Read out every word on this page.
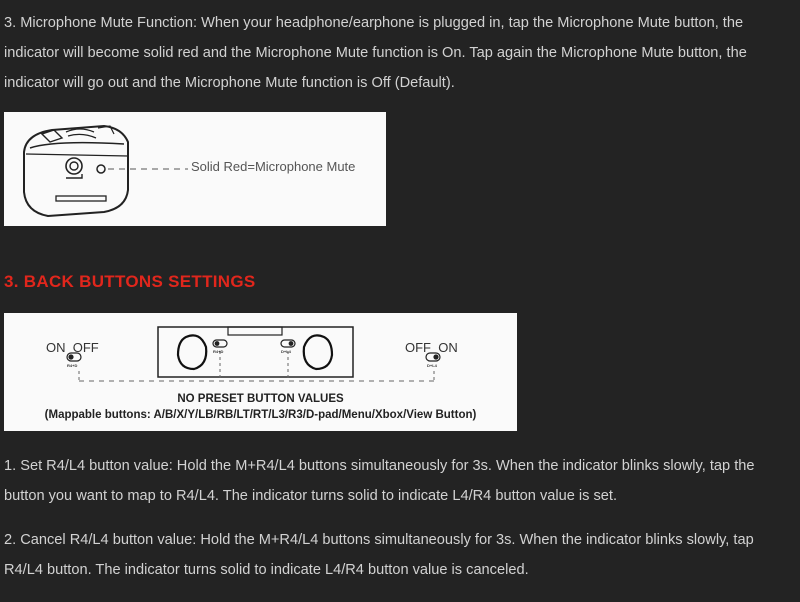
3. Microphone Mute Function: When your headphone/earphone is plugged in, tap the Microphone Mute button, the indicator will become solid red and the Microphone Mute function is On. Tap again the Microphone Mute button, the indicator will go out and the Microphone Mute function is Off (Default).

Solid Red=Microphone Mute
3. BACK BUTTONS SETTINGS
ON  OFF	OFF  ON
R4+D	D+L4
R4+D	D+L4
NO PRESET BUTTON VALUES
(Mappable buttons: A/B/X/Y/LB/RB/LT/RT/L3/R3/D-pad/Menu/Xbox/View Button)

1. Set R4/L4 button value: Hold the M+R4/L4 buttons simultaneously for 3s. When the indicator blinks slowly, tap the button you want to map to R4/L4. The indicator turns solid to indicate L4/R4 button value is set.

2. Cancel R4/L4 button value: Hold the M+R4/L4 buttons simultaneously for 3s. When the indicator blinks slowly, tap R4/L4 button. The indicator turns solid to indicate L4/R4 button value is canceled.
